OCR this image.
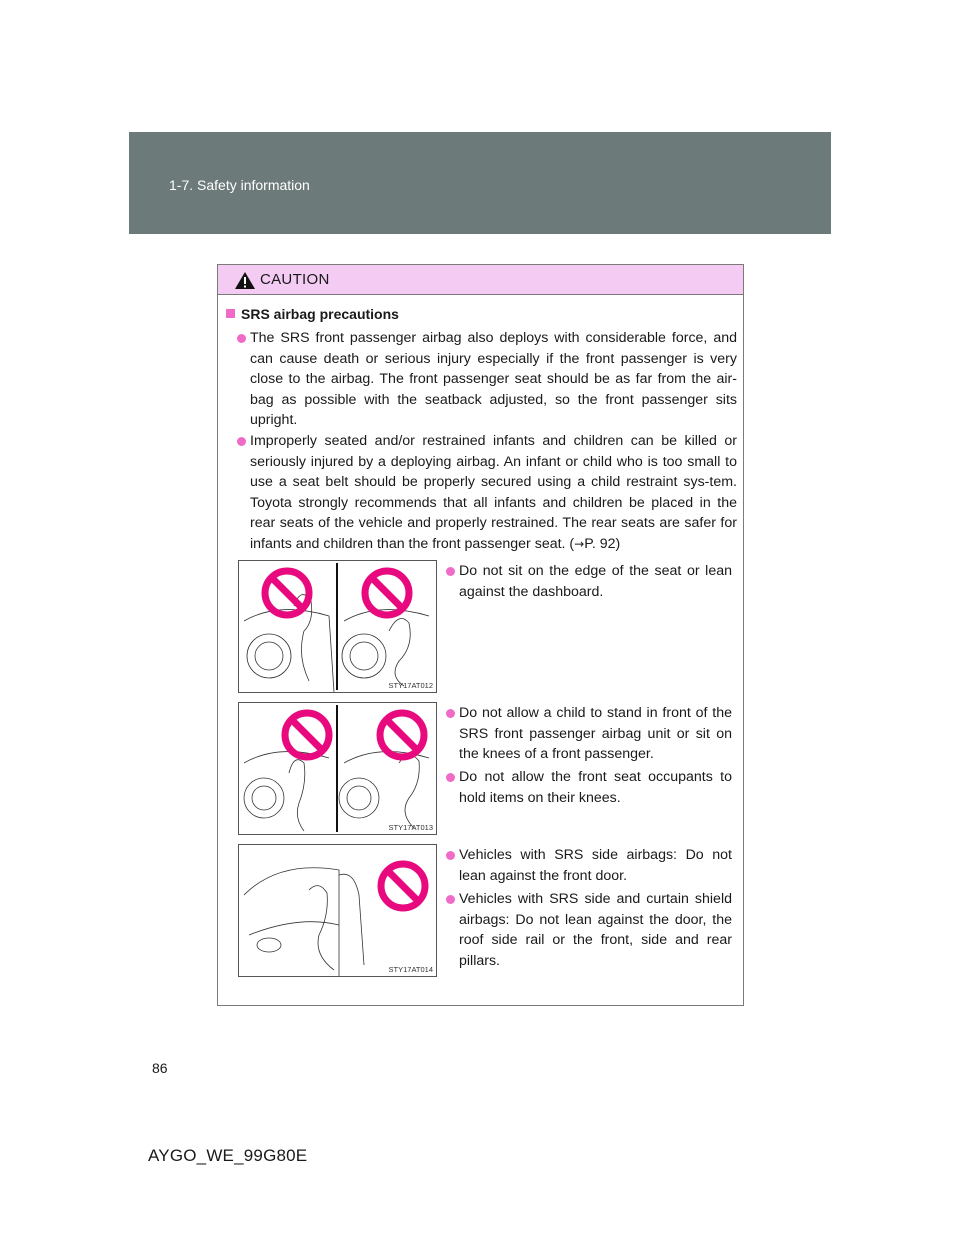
1-7. Safety information
CAUTION
SRS airbag precautions
The SRS front passenger airbag also deploys with considerable force, and can cause death or serious injury especially if the front passenger is very close to the airbag. The front passenger seat should be as far from the air-bag as possible with the seatback adjusted, so the front passenger sits upright.
Improperly seated and/or restrained infants and children can be killed or seriously injured by a deploying airbag. An infant or child who is too small to use a seat belt should be properly secured using a child restraint sys-tem. Toyota strongly recommends that all infants and children be placed in the rear seats of the vehicle and properly restrained. The rear seats are safer for infants and children than the front passenger seat. (→P. 92)
STY17AT012
Do not sit on the edge of the seat or lean against the dashboard.
STY17AT013
Do not allow a child to stand in front of the SRS front passenger airbag unit or sit on the knees of a front passenger.
Do not allow the front seat occupants to hold items on their knees.
STY17AT014
Vehicles with SRS side airbags: Do not lean against the front door.
Vehicles with SRS side and curtain shield airbags: Do not lean against the door, the roof side rail or the front, side and rear pillars.
86
AYGO_WE_99G80E
